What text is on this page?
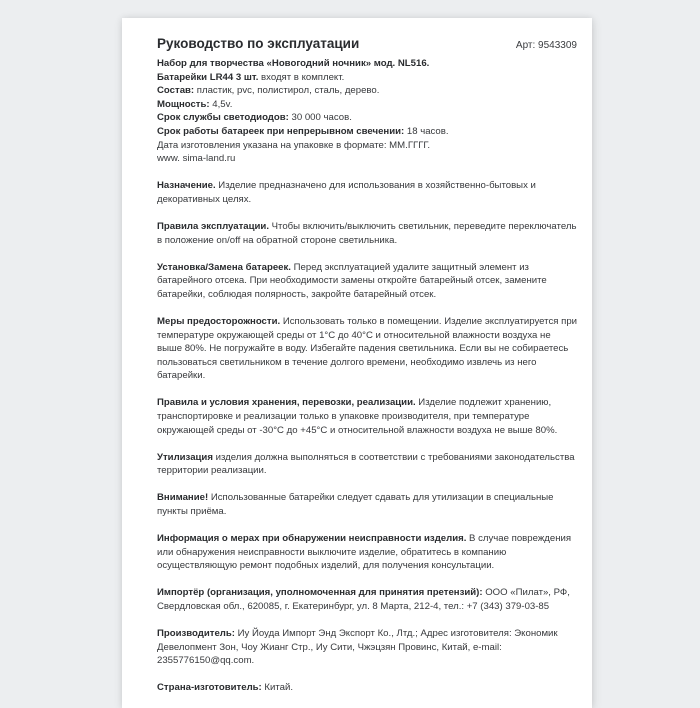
Руководство по эксплуатации	Арт: 9543309

Набор для творчества «Новогодний ночник» мод. NL516.

Батарейки LR44 3 шт. входят в комплект.

Состав: пластик, pvc, полистирол, сталь, дерево.

Мощность: 4,5v.

Срок службы светодиодов: 30 000 часов.

Срок работы батареек при непрерывном свечении: 18 часов.

Дата изготовления указана на упаковке в формате: ММ.ГГГГ.

www. sima-land.ru

Назначение. Изделие предназначено для использования в хозяйственно-бытовых и декоративных целях.

Правила эксплуатации. Чтобы включить/выключить светильник, переведите переключатель в положение on/off на обратной стороне светильника.

Установка/Замена батареек. Перед эксплуатацией удалите защитный элемент из батарейного отсека. При необходимости замены откройте батарейный отсек, замените батарейки, соблюдая полярность, закройте батарейный отсек.

Меры предосторожности. Использовать только в помещении. Изделие эксплуатируется при температуре окружающей среды от 1°С до 40°С и относительной влажности воздуха не выше 80%. Не погружайте в воду. Избегайте падения светильника. Если вы не собираетесь пользоваться светильником в течение долгого времени, необходимо извлечь из него батарейки.

Правила и условия хранения, перевозки, реализации. Изделие подлежит хранению, транспортировке и реализации только в упаковке производителя, при температуре окружающей среды от -30°С до +45°С и относительной влажности воздуха не выше 80%.

Утилизация изделия должна выполняться в соответствии с требованиями законодательства территории реализации.

Внимание! Использованные батарейки следует сдавать для утилизации в специальные пункты приёма.

Информация о мерах при обнаружении неисправности изделия. В случае повреждения или обнаружения неисправности выключите изделие, обратитесь в компанию осуществляющую ремонт подобных изделий, для получения консультации.

Импортёр (организация, уполномоченная для принятия претензий): ООО «Пилат», РФ, Свердловская обл., 620085, г. Екатеринбург, ул. 8 Марта, 212-4, тел.: +7 (343) 379-03-85

Производитель: Иу Йоуда Импорт Энд Экспорт Ко., Лтд.; Адрес изготовителя: Экономик Девелопмент Зон, Чоу Жианг Стр., Иу Сити, Чжэцзян Провинс, Китай, e-mail: 2355776150@qq.com.

Страна-изготовитель: Китай.
